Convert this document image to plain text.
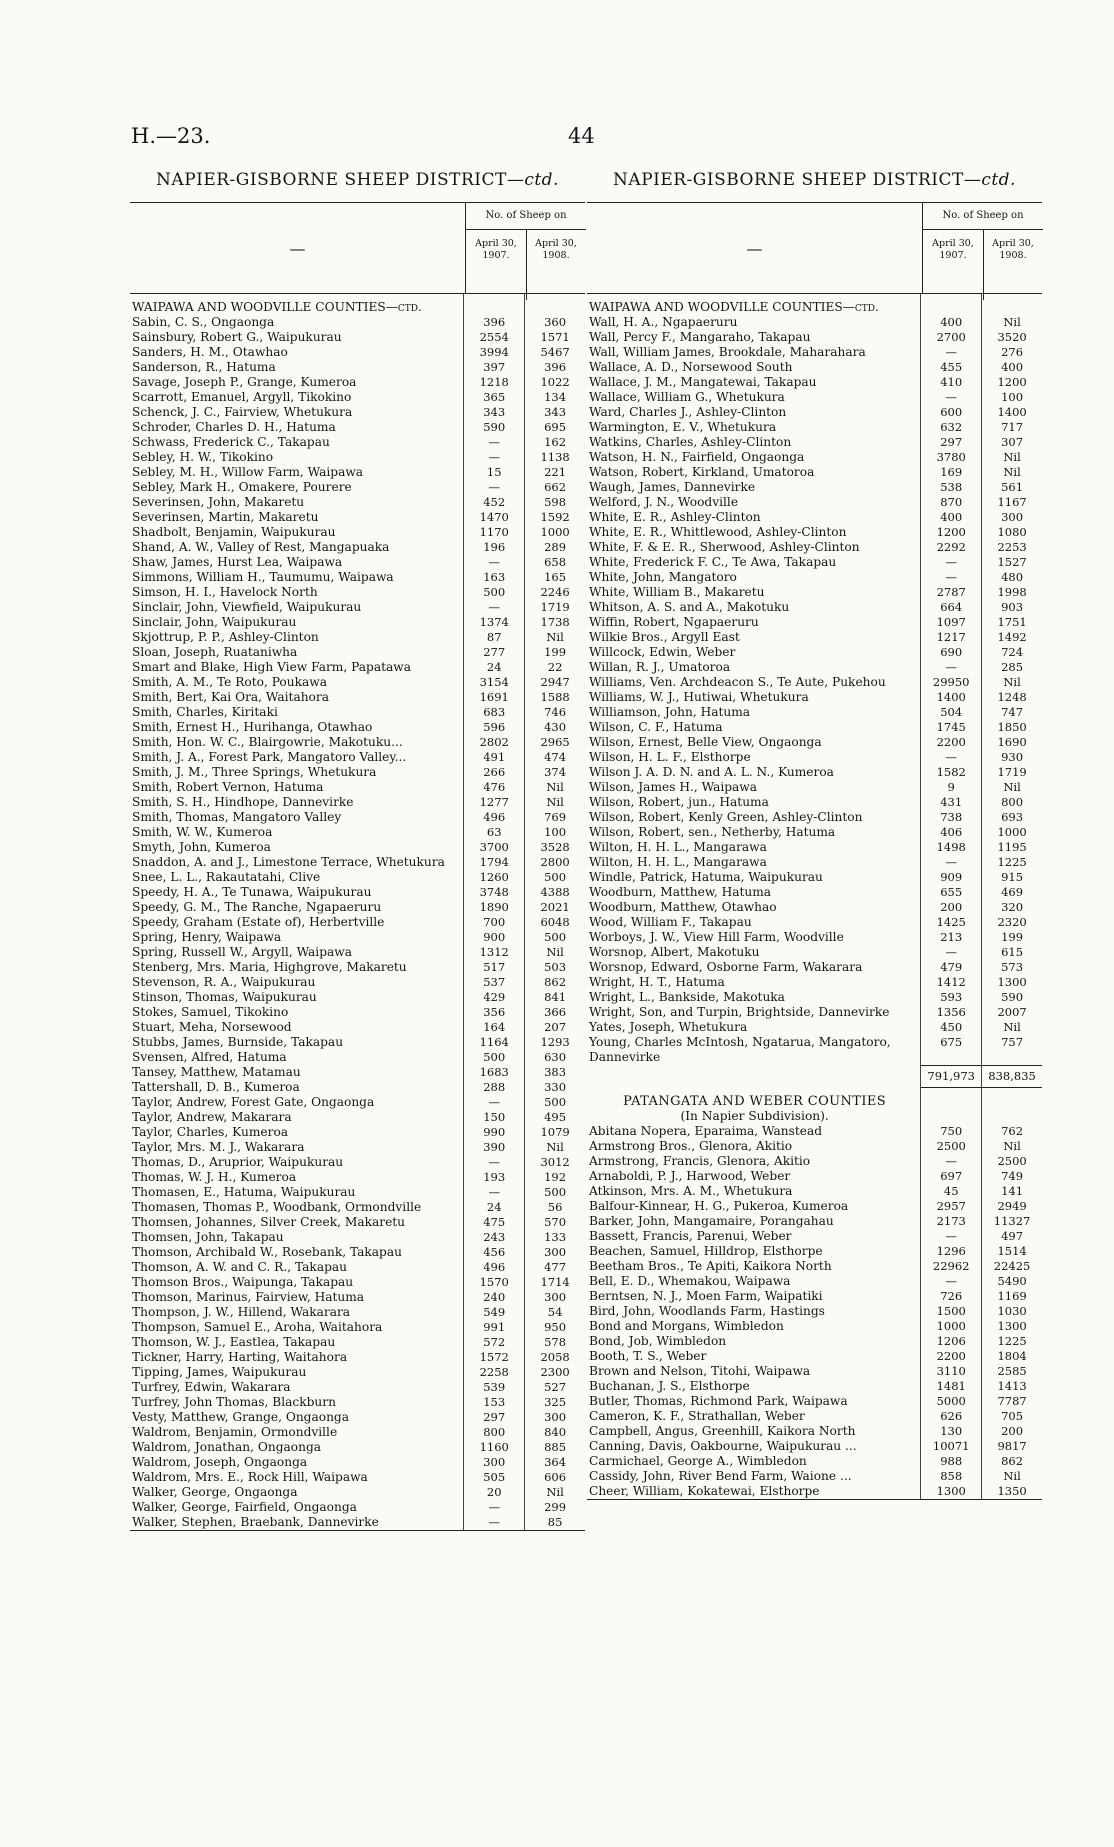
H.—23.	44
NAPIER-GISBORNE SHEEP DISTRICT—ctd.
—
No. of Sheep on
April 30, 1907.
April 30, 1908.
WAIPAWA AND WOODVILLE COUNTIES—ctd.
Sabin, C. S., Ongaonga	396	360
Sainsbury, Robert G., Waipukurau	2554	1571
Sanders, H. M., Otawhao	3994	5467
Sanderson, R., Hatuma	397	396
Savage, Joseph P., Grange, Kumeroa	1218	1022
Scarrott, Emanuel, Argyll, Tikokino	365	134
Schenck, J. C., Fairview, Whetukura	343	343
Schroder, Charles D. H., Hatuma	590	695
Schwass, Frederick C., Takapau	—	162
Sebley, H. W., Tikokino	—	1138
Sebley, M. H., Willow Farm, Waipawa	15	221
Sebley, Mark H., Omakere, Pourere	—	662
Severinsen, John, Makaretu	452	598
Severinsen, Martin, Makaretu	1470	1592
Shadbolt, Benjamin, Waipukurau	1170	1000
Shand, A. W., Valley of Rest, Mangapuaka	196	289
Shaw, James, Hurst Lea, Waipawa	—	658
Simmons, William H., Taumumu, Waipawa	163	165
Simson, H. I., Havelock North	500	2246
Sinclair, John, Viewfield, Waipukurau	—	1719
Sinclair, John, Waipukurau	1374	1738
Skjottrup, P. P., Ashley-Clinton	87	Nil
Sloan, Joseph, Ruataniwha	277	199
Smart and Blake, High View Farm, Papatawa	24	22
Smith, A. M., Te Roto, Poukawa	3154	2947
Smith, Bert, Kai Ora, Waitahora	1691	1588
Smith, Charles, Kiritaki	683	746
Smith, Ernest H., Hurihanga, Otawhao	596	430
Smith, Hon. W. C., Blairgowrie, Makotuku...	2802	2965
Smith, J. A., Forest Park, Mangatoro Valley...	491	474
Smith, J. M., Three Springs, Whetukura	266	374
Smith, Robert Vernon, Hatuma	476	Nil
Smith, S. H., Hindhope, Dannevirke	1277	Nil
Smith, Thomas, Mangatoro Valley	496	769
Smith, W. W., Kumeroa	63	100
Smyth, John, Kumeroa	3700	3528
Snaddon, A. and J., Limestone Terrace, Whetukura	1794	2800
Snee, L. L., Rakautatahi, Clive	1260	500
Speedy, H. A., Te Tunawa, Waipukurau	3748	4388
Speedy, G. M., The Ranche, Ngapaeruru	1890	2021
Speedy, Graham (Estate of), Herbertville	700	6048
Spring, Henry, Waipawa	900	500
Spring, Russell W., Argyll, Waipawa	1312	Nil
Stenberg, Mrs. Maria, Highgrove, Makaretu	517	503
Stevenson, R. A., Waipukurau	537	862
Stinson, Thomas, Waipukurau	429	841
Stokes, Samuel, Tikokino	356	366
Stuart, Meha, Norsewood	164	207
Stubbs, James, Burnside, Takapau	1164	1293
Svensen, Alfred, Hatuma	500	630
Tansey, Matthew, Matamau	1683	383
Tattershall, D. B., Kumeroa	288	330
Taylor, Andrew, Forest Gate, Ongaonga	—	500
Taylor, Andrew, Makarara	150	495
Taylor, Charles, Kumeroa	990	1079
Taylor, Mrs. M. J., Wakarara	390	Nil
Thomas, D., Aruprior, Waipukurau	—	3012
Thomas, W. J. H., Kumeroa	193	192
Thomasen, E., Hatuma, Waipukurau	—	500
Thomasen, Thomas P., Woodbank, Ormondville	24	56
Thomsen, Johannes, Silver Creek, Makaretu	475	570
Thomsen, John, Takapau	243	133
Thomson, Archibald W., Rosebank, Takapau	456	300
Thomson, A. W. and C. R., Takapau	496	477
Thomson Bros., Waipunga, Takapau	1570	1714
Thomson, Marinus, Fairview, Hatuma	240	300
Thompson, J. W., Hillend, Wakarara	549	54
Thompson, Samuel E., Aroha, Waitahora	991	950
Thomson, W. J., Eastlea, Takapau	572	578
Tickner, Harry, Harting, Waitahora	1572	2058
Tipping, James, Waipukurau	2258	2300
Turfrey, Edwin, Wakarara	539	527
Turfrey, John Thomas, Blackburn	153	325
Vesty, Matthew, Grange, Ongaonga	297	300
Waldrom, Benjamin, Ormondville	800	840
Waldrom, Jonathan, Ongaonga	1160	885
Waldrom, Joseph, Ongaonga	300	364
Waldrom, Mrs. E., Rock Hill, Waipawa	505	606
Walker, George, Ongaonga	20	Nil
Walker, George, Fairfield, Ongaonga	—	299
Walker, Stephen, Braebank, Dannevirke	—	85
NAPIER-GISBORNE SHEEP DISTRICT—ctd.
—
No. of Sheep on
April 30, 1907.
April 30, 1908.
WAIPAWA AND WOODVILLE COUNTIES—ctd.
Wall, H. A., Ngapaeruru	400	Nil
Wall, Percy F., Mangaraho, Takapau	2700	3520
Wall, William James, Brookdale, Maharahara	—	276
Wallace, A. D., Norsewood South	455	400
Wallace, J. M., Mangatewai, Takapau	410	1200
Wallace, William G., Whetukura	—	100
Ward, Charles J., Ashley-Clinton	600	1400
Warmington, E. V., Whetukura	632	717
Watkins, Charles, Ashley-Clinton	297	307
Watson, H. N., Fairfield, Ongaonga	3780	Nil
Watson, Robert, Kirkland, Umatoroa	169	Nil
Waugh, James, Dannevirke	538	561
Welford, J. N., Woodville	870	1167
White, E. R., Ashley-Clinton	400	300
White, E. R., Whittlewood, Ashley-Clinton	1200	1080
White, F. & E. R., Sherwood, Ashley-Clinton	2292	2253
White, Frederick F. C., Te Awa, Takapau	—	1527
White, John, Mangatoro	—	480
White, William B., Makaretu	2787	1998
Whitson, A. S. and A., Makotuku	664	903
Wiffin, Robert, Ngapaeruru	1097	1751
Wilkie Bros., Argyll East	1217	1492
Willcock, Edwin, Weber	690	724
Willan, R. J., Umatoroa	—	285
Williams, Ven. Archdeacon S., Te Aute, Pukehou	29950	Nil
Williams, W. J., Hutiwai, Whetukura	1400	1248
Williamson, John, Hatuma	504	747
Wilson, C. F., Hatuma	1745	1850
Wilson, Ernest, Belle View, Ongaonga	2200	1690
Wilson, H. L. F., Elsthorpe	—	930
Wilson J. A. D. N. and A. L. N., Kumeroa	1582	1719
Wilson, James H., Waipawa	9	Nil
Wilson, Robert, jun., Hatuma	431	800
Wilson, Robert, Kenly Green, Ashley-Clinton	738	693
Wilson, Robert, sen., Netherby, Hatuma	406	1000
Wilton, H. H. L., Mangarawa	1498	1195
Wilton, H. H. L., Mangarawa	—	1225
Windle, Patrick, Hatuma, Waipukurau	909	915
Woodburn, Matthew, Hatuma	655	469
Woodburn, Matthew, Otawhao	200	320
Wood, William F., Takapau	1425	2320
Worboys, J. W., View Hill Farm, Woodville	213	199
Worsnop, Albert, Makotuku	—	615
Worsnop, Edward, Osborne Farm, Wakarara	479	573
Wright, H. T., Hatuma	1412	1300
Wright, L., Bankside, Makotuka	593	590
Wright, Son, and Turpin, Brightside, Dannevirke	1356	2007
Yates, Joseph, Whetukura	450	Nil
Young, Charles McIntosh, Ngatarua, Mangatoro, Dannevirke
675	757
791,973	838,835
PATANGATA AND WEBER COUNTIES
(In Napier Subdivision).
Abitana Nopera, Eparaima, Wanstead	750	762
Armstrong Bros., Glenora, Akitio	2500	Nil
Armstrong, Francis, Glenora, Akitio	—	2500
Arnaboldi, P. J., Harwood, Weber	697	749
Atkinson, Mrs. A. M., Whetukura	45	141
Balfour-Kinnear, H. G., Pukeroa, Kumeroa	2957	2949
Barker, John, Mangamaire, Porangahau	2173	11327
Bassett, Francis, Parenui, Weber	—	497
Beachen, Samuel, Hilldrop, Elsthorpe	1296	1514
Beetham Bros., Te Apiti, Kaikora North	22962	22425
Bell, E. D., Whemakou, Waipawa	—	5490
Berntsen, N. J., Moen Farm, Waipatiki	726	1169
Bird, John, Woodlands Farm, Hastings	1500	1030
Bond and Morgans, Wimbledon	1000	1300
Bond, Job, Wimbledon	1206	1225
Booth, T. S., Weber	2200	1804
Brown and Nelson, Titohi, Waipawa	3110	2585
Buchanan, J. S., Elsthorpe	1481	1413
Butler, Thomas, Richmond Park, Waipawa	5000	7787
Cameron, K. F., Strathallan, Weber	626	705
Campbell, Angus, Greenhill, Kaikora North	130	200
Canning, Davis, Oakbourne, Waipukurau ...	10071	9817
Carmichael, George A., Wimbledon	988	862
Cassidy, John, River Bend Farm, Waione ...	858	Nil
Cheer, William, Kokatewai, Elsthorpe	1300	1350
